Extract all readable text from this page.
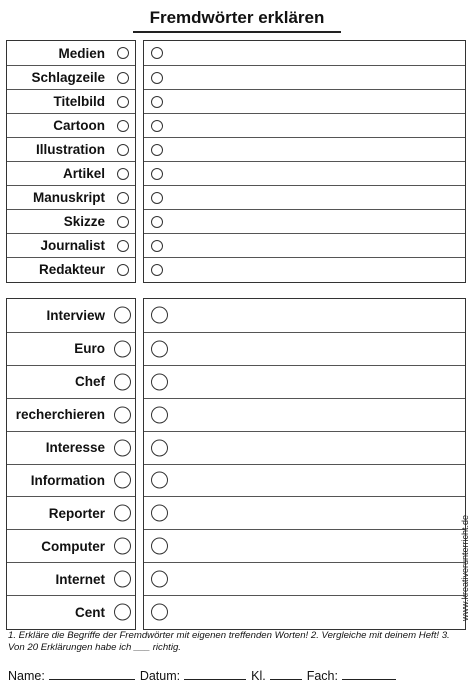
Fremdwörter erklären
Medien
Schlagzeile
Titelbild
Cartoon
Illustration
Artikel
Manuskript
Skizze
Journalist
Redakteur
Interview
Euro
Chef
recherchieren
Interesse
Information
Reporter
Computer
Internet
Cent
1. Erkläre die Begriffe der Fremdwörter mit eigenen treffenden Worten! 2. Vergleiche mit deinem Heft! 3. Von 20 Erklärungen habe ich ___ richtig.
Name:	Datum:	Kl.	Fach:
www.kreativerunterricht.de
